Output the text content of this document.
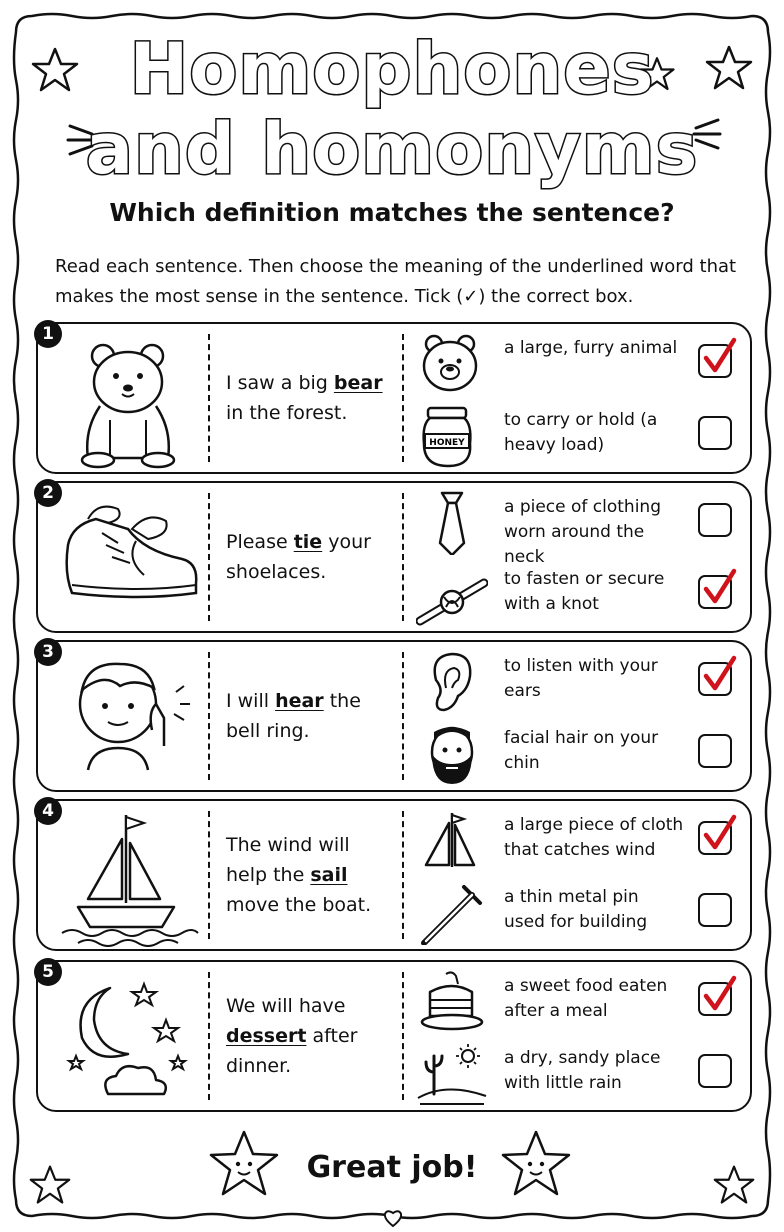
Homophones
and homonyms
Which definition matches the sentence?
Read each sentence. Then choose the meaning of the underlined word that
makes the most sense in the sentence. Tick (✓) the correct box.
1
I saw a big bear in the forest.
a large, furry animal
HONEY
to carry or hold (a heavy load)
2
Please tie your shoelaces.
a piece of clothing worn around the neck
to fasten or secure with a knot
3
I will hear the bell ring.
to listen with your ears
facial hair on your chin
4
The wind will help the sail move the boat.
a large piece of cloth that catches wind
a thin metal pin used for building
5
We will have dessert after dinner.
a sweet food eaten after a meal
a dry, sandy place with little rain
Great job!
